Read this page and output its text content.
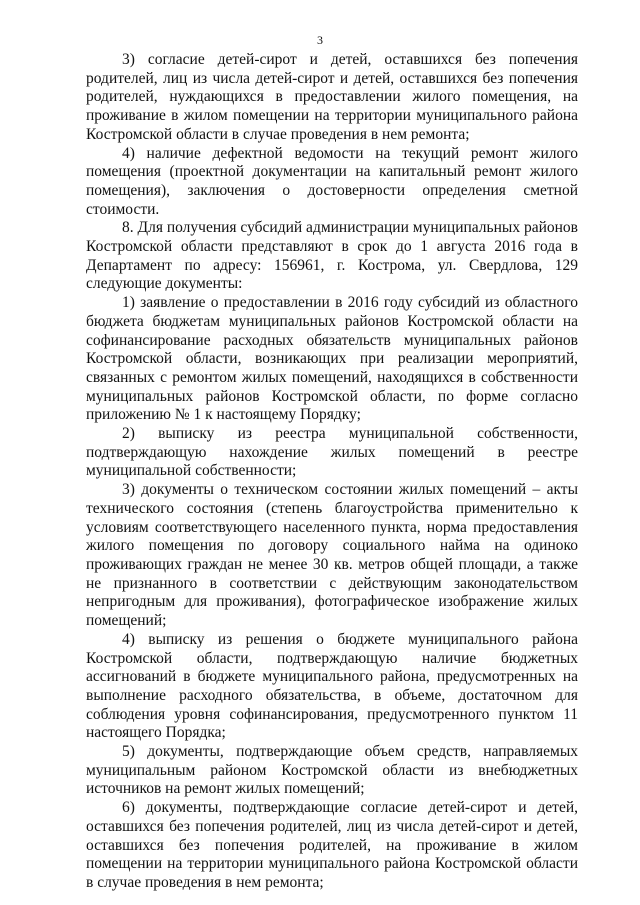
3

3) согласие детей-сирот и детей, оставшихся без попечения родителей, лиц из числа детей-сирот и детей, оставшихся без попечения родителей, нуждающихся в предоставлении жилого помещения, на проживание в жилом помещении на территории муниципального района Костромской области в случае проведения в нем ремонта;

4) наличие дефектной ведомости на текущий ремонт жилого помещения (проектной документации на капитальный ремонт жилого помещения), заключения о достоверности определения сметной стоимости.

8. Для получения субсидий администрации муниципальных районов Костромской области представляют в срок до 1 августа 2016 года в Департамент по адресу: 156961, г. Кострома, ул. Свердлова, 129 следующие документы:

1) заявление о предоставлении в 2016 году субсидий из областного бюджета бюджетам муниципальных районов Костромской области на софинансирование расходных обязательств муниципальных районов Костромской области, возникающих при реализации мероприятий, связанных с ремонтом жилых помещений, находящихся в собственности муниципальных районов Костромской области, по форме согласно приложению № 1 к настоящему Порядку;

2) выписку из реестра муниципальной собственности, подтверждающую нахождение жилых помещений в реестре муниципальной собственности;

3) документы о техническом состоянии жилых помещений – акты технического состояния (степень благоустройства применительно к условиям соответствующего населенного пункта, норма предоставления жилого помещения по договору социального найма на одиноко проживающих граждан не менее 30 кв. метров общей площади, а также не признанного в соответствии с действующим законодательством непригодным для проживания), фотографическое изображение жилых помещений;

4) выписку из решения о бюджете муниципального района Костромской области, подтверждающую наличие бюджетных ассигнований в бюджете муниципального района, предусмотренных на выполнение расходного обязательства, в объеме, достаточном для соблюдения уровня софинансирования, предусмотренного пунктом 11 настоящего Порядка;

5) документы, подтверждающие объем средств, направляемых муниципальным районом Костромской области из внебюджетных источников на ремонт жилых помещений;

6) документы, подтверждающие согласие детей-сирот и детей, оставшихся без попечения родителей, лиц из числа детей-сирот и детей, оставшихся без попечения родителей, на проживание в жилом помещении на территории муниципального района Костромской области в случае проведения в нем ремонта;
